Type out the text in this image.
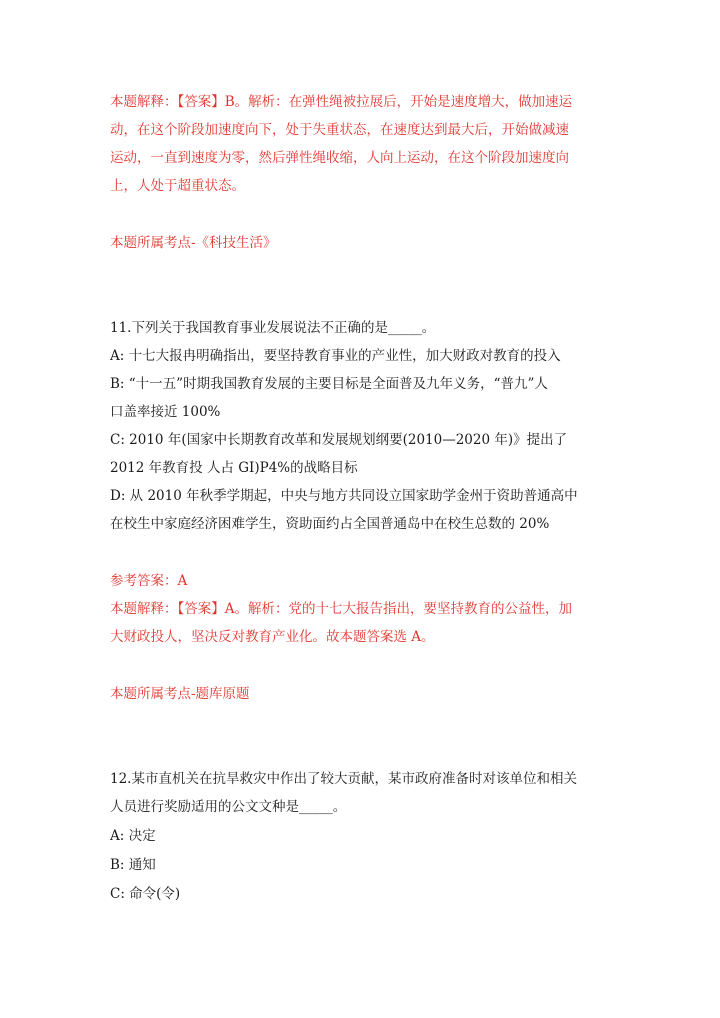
本题解释：【答案】B。解析：在弹性绳被拉展后，开始是速度增大，做加速运
动，在这个阶段加速度向下，处于失重状态，在速度达到最大后，开始做减速
运动，一直到速度为零，然后弹性绳收缩，人向上运动，在这个阶段加速度向
上，人处于超重状态。
本题所属考点-《科技生活》
11.下列关于我国教育事业发展说法不正确的是_____。
A: 十七大报冉明确指出，要坚持教育事业的产业性，加大财政对教育的投入
B: “十一五”时期我国教育发展的主要目标是全面普及九年义务，“普九”人
口盖率接近 100%
C: 2010 年(国家中长期教育改革和发展规划纲要(2010—2020 年)》提出了
2012 年教育投 人占 GI)P4%的战略目标
D: 从 2010 年秋季学期起，中央与地方共同设立国家助学金州于资助普通高中
在校生中家庭经济困难学生，资助面约占全国普通岛中在校生总数的 20%
参考答案：A
本题解释：【答案】A。解析：党的十七大报告指出，要坚持教育的公益性，加
大财政投人，坚决反对教育产业化。故本题答案选 A。
本题所属考点-题库原题
12.某市直机关在抗旱救灾中作出了较大贡献，某市政府准备时对该单位和相关
人员进行奖励适用的公文文种是_____。
A: 决定
B: 通知
C: 命令(令)
